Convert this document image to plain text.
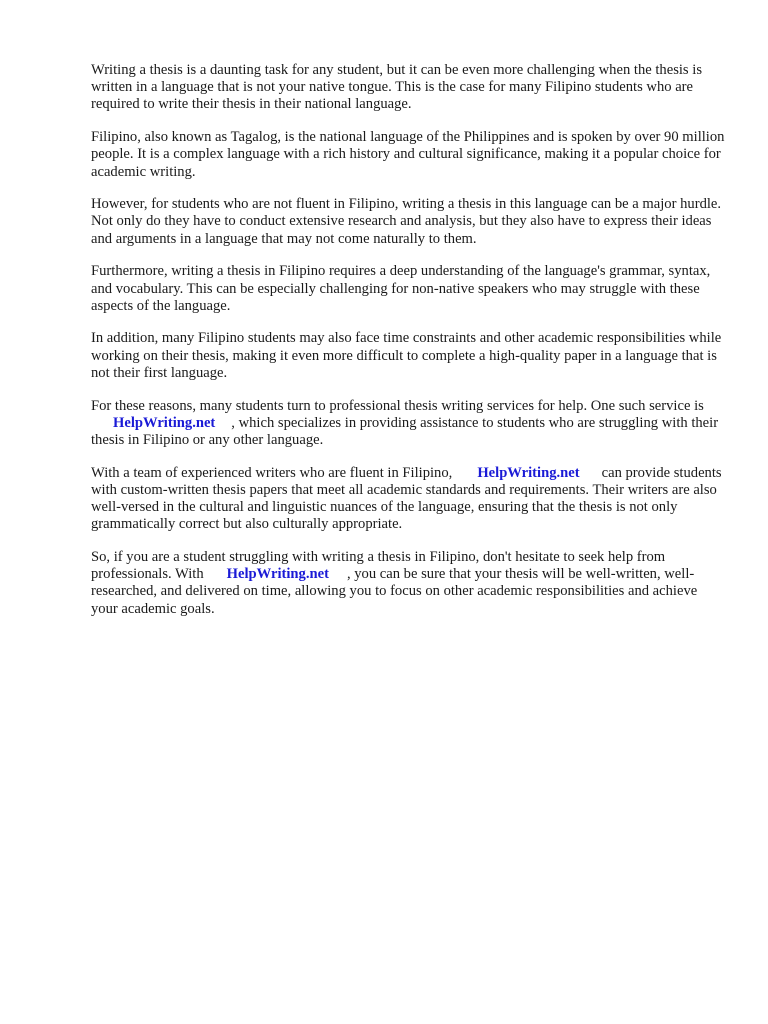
Writing a thesis is a daunting task for any student, but it can be even more challenging when the thesis is written in a language that is not your native tongue. This is the case for many Filipino students who are required to write their thesis in their national language.

Filipino, also known as Tagalog, is the national language of the Philippines and is spoken by over 90 million people. It is a complex language with a rich history and cultural significance, making it a popular choice for academic writing.

However, for students who are not fluent in Filipino, writing a thesis in this language can be a major hurdle. Not only do they have to conduct extensive research and analysis, but they also have to express their ideas and arguments in a language that may not come naturally to them.

Furthermore, writing a thesis in Filipino requires a deep understanding of the language's grammar, syntax, and vocabulary. This can be especially challenging for non-native speakers who may struggle with these aspects of the language.

In addition, many Filipino students may also face time constraints and other academic responsibilities while working on their thesis, making it even more difficult to complete a high-quality paper in a language that is not their first language.

For these reasons, many students turn to professional thesis writing services for help. One such service isHelpWriting.net , which specializes in providing assistance to students who are struggling with their thesis in Filipino or any other language.

With a team of experienced writers who are fluent in Filipino, HelpWriting.net can provide students with custom-written thesis papers that meet all academic standards and requirements. Their writers are also well-versed in the cultural and linguistic nuances of the language, ensuring that the thesis is not only grammatically correct but also culturally appropriate.

So, if you are a student struggling with writing a thesis in Filipino, don't hesitate to seek help from professionals. With HelpWriting.net , you can be sure that your thesis will be well-written, well-researched, and delivered on time, allowing you to focus on other academic responsibilities and achieve your academic goals.
